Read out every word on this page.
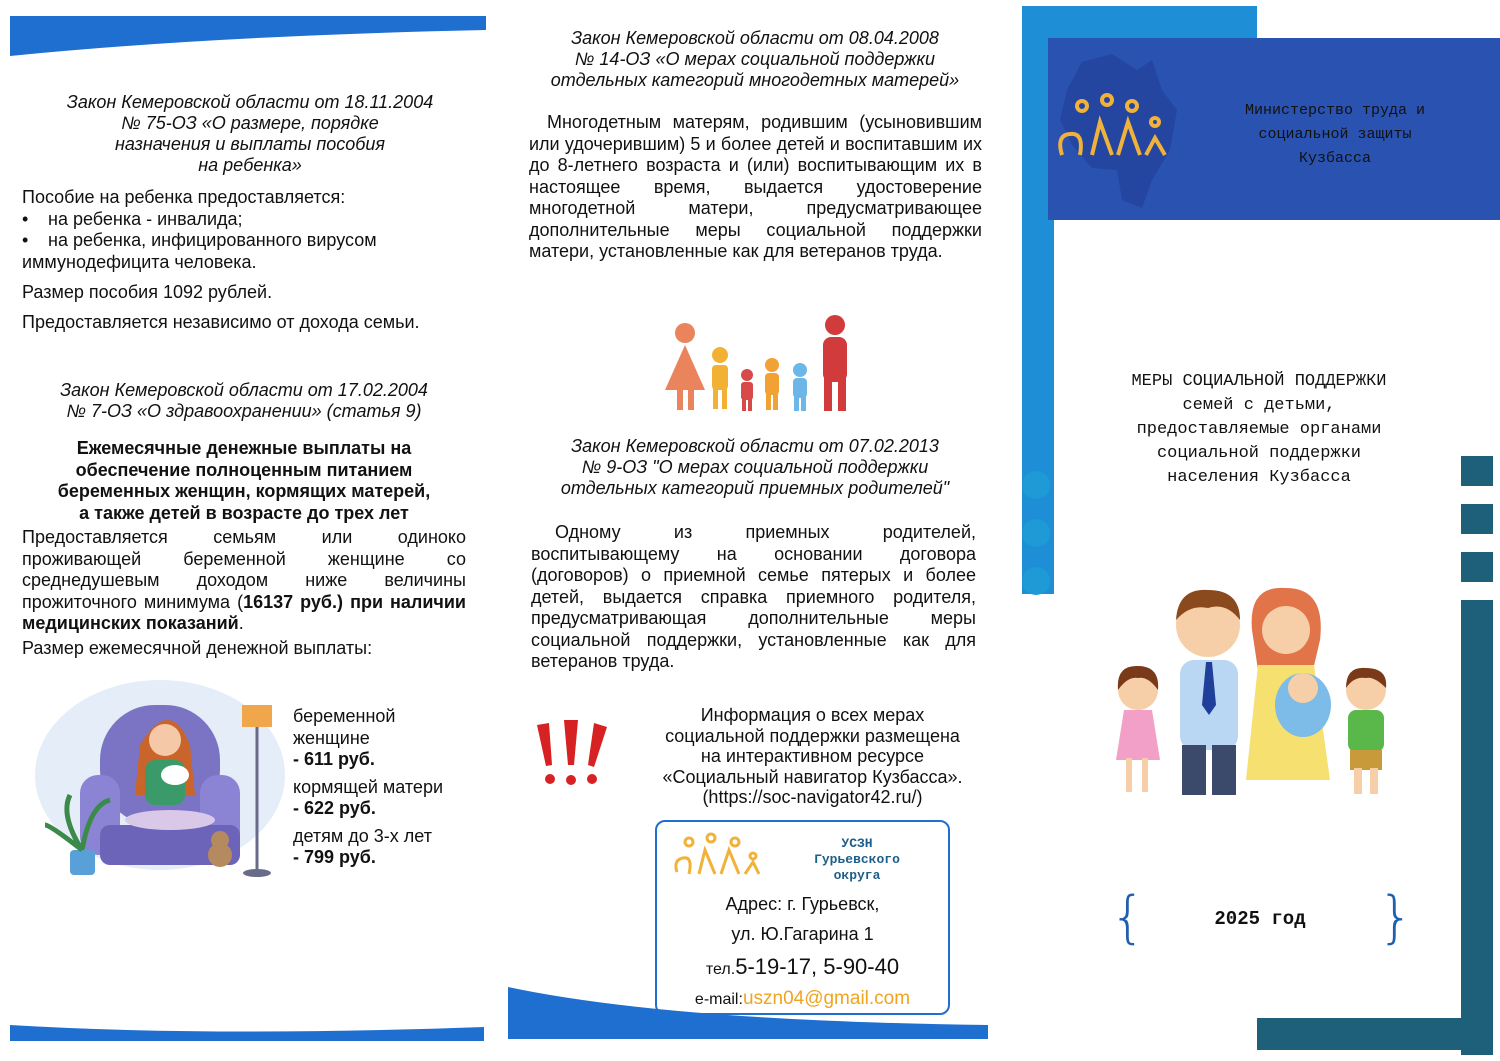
Закон Кемеровской области от 18.11.2004
№ 75-ОЗ «О размере, порядке
назначения и выплаты пособия
на ребенка»
Пособие на ребенка предоставляется:
• на ребенка - инвалида;
• на ребенка, инфицированного вирусом
иммунодефицита человека.
Размер пособия 1092 рублей.
Предоставляется независимо от дохода семьи.
Закон Кемеровской области от 17.02.2004
№ 7-ОЗ «О здравоохранении» (статья 9)
Ежемесячные денежные выплаты на
обеспечение полноценным питанием
беременных женщин, кормящих матерей,
а также детей в возрасте до трех лет
Предоставляется семьям или одиноко проживающей беременной женщине со среднедушевым доходом ниже величины прожиточного минимума (16137 руб.) при наличии медицинских показаний.
Размер ежемесячной денежной выплаты:
беременной
женщине
- 611 руб.
кормящей матери
- 622 руб.
детям до 3-х лет
- 799 руб.
Закон Кемеровской области от 08.04.2008
№ 14-ОЗ «О мерах социальной поддержки
отдельных категорий многодетных матерей»
Многодетным матерям, родившим (усыновившим или удочерившим) 5 и более детей и воспитавшим их до 8-летнего возраста и (или) воспитывающим их в настоящее время, выдается удостоверение многодетной матери, предусматривающее дополнительные меры социальной поддержки матери, установленные как для ветеранов труда.
Закон Кемеровской области от 07.02.2013
№ 9-ОЗ "О мерах социальной поддержки
отдельных категорий приемных родителей"
Одному из приемных родителей, воспитывающему на основании договора (договоров) о приемной семье пятерых и более детей, выдается справка приемного родителя, предусматривающая дополнительные меры социальной поддержки, установленные как для ветеранов труда.
Информация о всех мерах
социальной поддержки размещена
на интерактивном ресурсе
«Социальный навигатор Кузбасса».
(https://soc-navigator42.ru/)
УСЗН
Гурьевского
округа
Адрес: г. Гурьевск,
ул. Ю.Гагарина 1
тел.5-19-17, 5-90-40
e-mail:uszn04@gmail.com
Министерство труда и
социальной защиты
Кузбасса
МЕРЫ СОЦИАЛЬНОЙ ПОДДЕРЖКИ
семей с детьми,
предоставляемые органами
социальной поддержки
населения Кузбасса
{	}
2025 год
